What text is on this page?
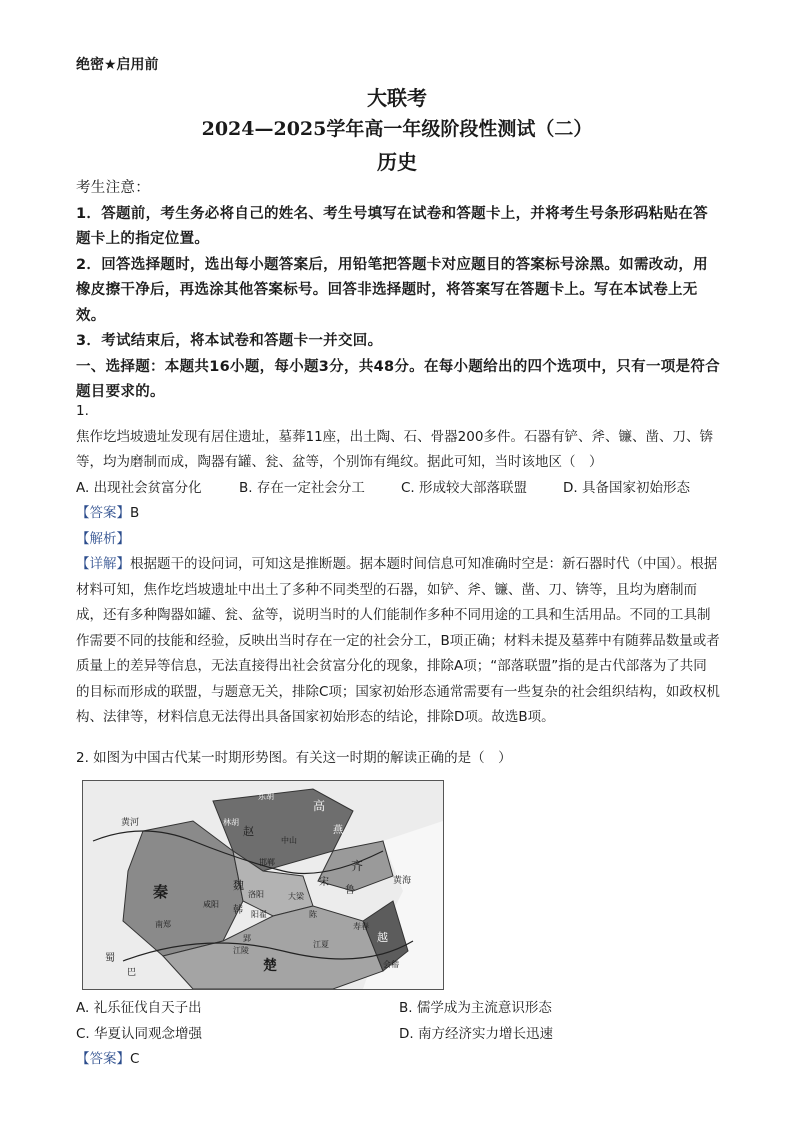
绝密★启用前
大联考
2024—2025学年高一年级阶段性测试（二）
历史

考生注意：

1．答题前，考生务必将自己的姓名、考生号填写在试卷和答题卡上，并将考生号条形码粘贴在答题卡上的指定位置。

2．回答选择题时，选出每小题答案后，用铅笔把答题卡对应题目的答案标号涂黑。如需改动，用橡皮擦干净后，再选涂其他答案标号。回答非选择题时，将答案写在答题卡上。写在本试卷上无效。

3．考试结束后，将本试卷和答题卡一并交回。

一、选择题：本题共16小题，每小题3分，共48分。在每小题给出的四个选项中，只有一项是符合题目要求的。

1.

焦作圪垱坡遗址发现有居住遗址，墓葬11座，出土陶、石、骨器200多件。石器有铲、斧、镰、凿、刀、锛等，均为磨制而成，陶器有罐、瓮、盆等，个别饰有绳纹。据此可知，当时该地区（　）

A. 出现社会贫富分化	B. 存在一定社会分工	C. 形成较大部落联盟	D. 具备国家初始形态

【答案】B

【解析】

【详解】根据题干的设问词，可知这是推断题。据本题时间信息可知准确时空是：新石器时代（中国）。根据材料可知，焦作圪垱坡遗址中出土了多种不同类型的石器，如铲、斧、镰、凿、刀、锛等，且均为磨制而成，还有多种陶器如罐、瓮、盆等，说明当时的人们能制作多种不同用途的工具和生活用品。不同的工具制作需要不同的技能和经验，反映出当时存在一定的社会分工，B项正确；材料未提及墓葬中有随葬品数量或者质量上的差异等信息，无法直接得出社会贫富分化的现象，排除A项；“部落联盟”指的是古代部落为了共同的目标而形成的联盟，与题意无关，排除C项；国家初始形态通常需要有一些复杂的社会组织结构，如政权机构、法律等，材料信息无法得出具备国家初始形态的结论，排除D项。故选B项。

2. 如图为中国古代某一时期形势图。有关这一时期的解读正确的是（　）
黄河
秦
赵
高
东胡
林胡
中山
邯郸	齐
魏
洛阳	大梁
宋
鲁
韩 阳翟	陈
咸阳
南郑
黄海
寿春
越
楚
郢
江陵
江夏
会稽
蜀
巴
燕
A. 礼乐征伐自天子出	B. 儒学成为主流意识形态
C. 华夏认同观念增强	D. 南方经济实力增长迅速

【答案】C
